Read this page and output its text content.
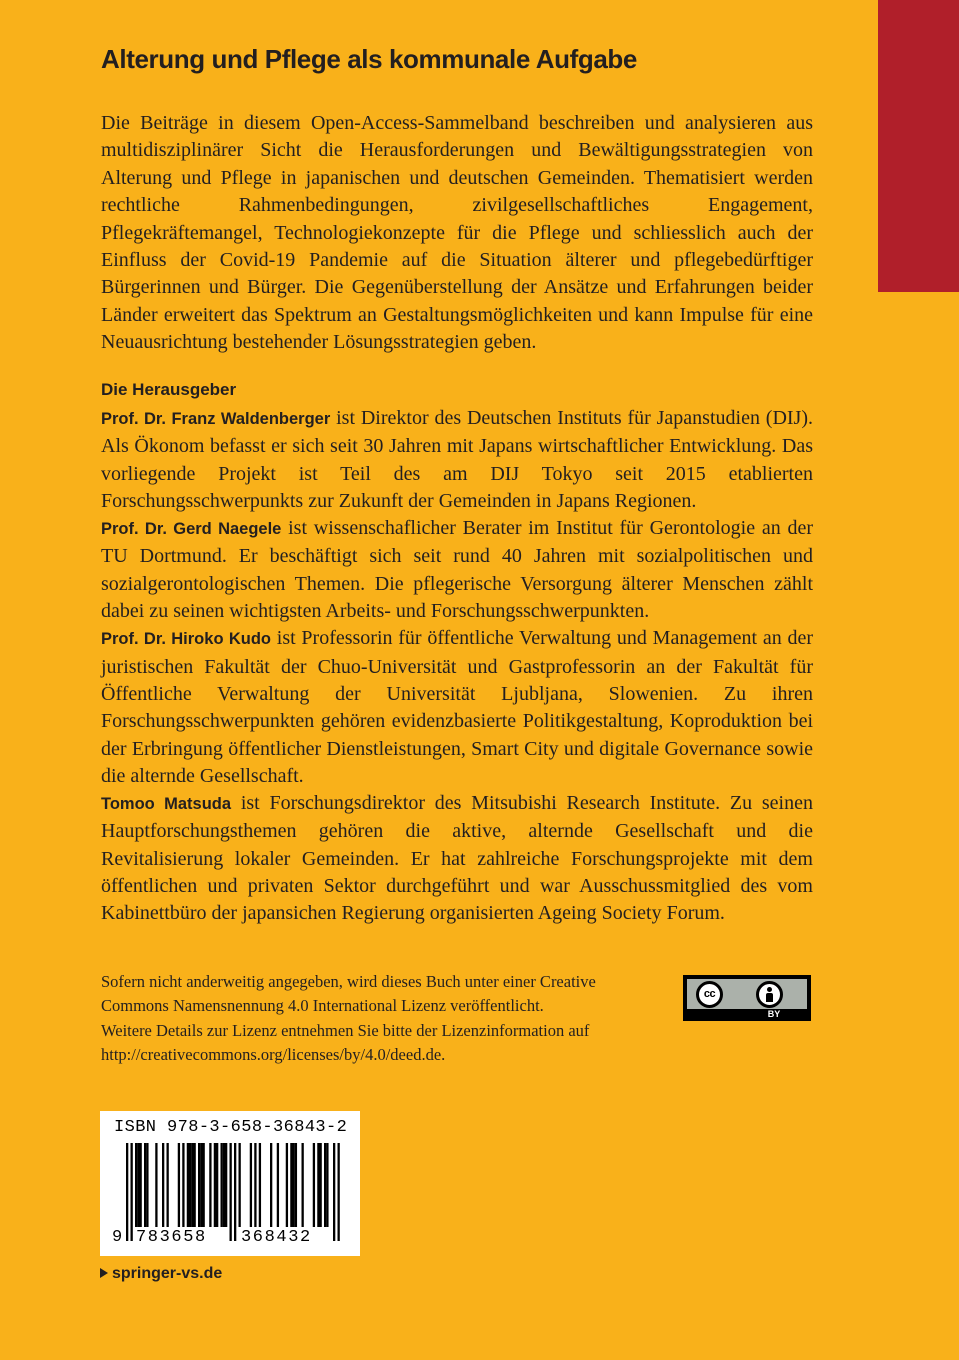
Alterung und Pflege als kommunale Aufgabe

Die Beiträge in diesem Open-Access-Sammelband beschreiben und analysieren aus multidisziplinärer Sicht die Herausforderungen und Bewältigungsstrategien von Alterung und Pflege in japanischen und deutschen Gemeinden. Thematisiert werden rechtliche Rahmenbedingungen, zivilgesellschaftliches Engagement, Pflegekräftemangel, Technologiekonzepte für die Pflege und schliesslich auch der Einfluss der Covid-19 Pandemie auf die Situation älterer und pflegebedürftiger Bürgerinnen und Bürger. Die Gegenüberstellung der Ansätze und Erfahrungen beider Länder erweitert das Spektrum an Gestaltungsmöglichkeiten und kann Impulse für eine Neuausrichtung bestehender Lösungsstrategien geben.

Die Herausgeber

Prof. Dr. Franz Waldenberger ist Direktor des Deutschen Instituts für Japanstudien (DIJ). Als Ökonom befasst er sich seit 30 Jahren mit Japans wirtschaftlicher Entwicklung. Das vorliegende Projekt ist Teil des am DIJ Tokyo seit 2015 etablierten Forschungsschwerpunkts zur Zukunft der Gemeinden in Japans Regionen.

Prof. Dr. Gerd Naegele ist wissenschaflicher Berater im Institut für Gerontologie an der TU Dortmund. Er beschäftigt sich seit rund 40 Jahren mit sozialpolitischen und sozialgerontologischen Themen. Die pflegerische Versorgung älterer Menschen zählt dabei zu seinen wichtigsten Arbeits- und Forschungsschwerpunkten.

Prof. Dr. Hiroko Kudo ist Professorin für öffentliche Verwaltung und Management an der juristischen Fakultät der Chuo-Universität und Gastprofessorin an der Fakultät für Öffentliche Verwaltung der Universität Ljubljana, Slowenien. Zu ihren Forschungsschwerpunkten gehören evidenzbasierte Politikgestaltung, Koproduktion bei der Erbringung öffentlicher Dienstleistungen, Smart City und digitale Governance sowie die alternde Gesellschaft.

Tomoo Matsuda ist Forschungsdirektor des Mitsubishi Research Institute. Zu seinen Hauptforschungsthemen gehören die aktive, alternde Gesellschaft und die Revitalisierung lokaler Gemeinden. Er hat zahlreiche Forschungsprojekte mit dem öffentlichen und privaten Sektor durchgeführt und war Ausschussmitglied des vom Kabinettbüro der japansichen Regierung organisierten Ageing Society Forum.

Sofern nicht anderweitig angegeben, wird dieses Buch unter einer Creative
Commons Namensnennung 4.0 International Lizenz veröffentlicht.
Weitere Details zur Lizenz entnehmen Sie bitte der Lizenzinformation auf
http://creativecommons.org/licenses/by/4.0/deed.de.

cc
BY

ISBN 978-3-658-36843-2

9 783658 368432

springer-vs.de
